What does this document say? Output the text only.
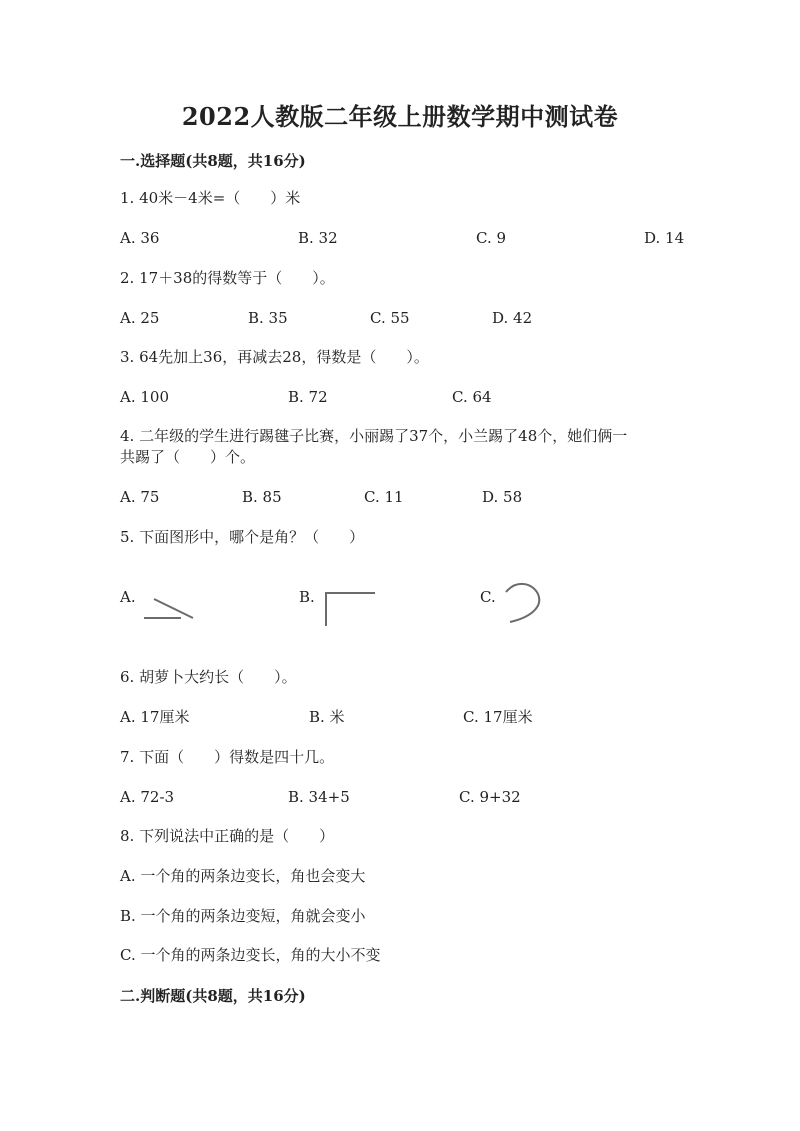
2022人教版二年级上册数学期中测试卷
一.选择题(共8题，共16分)
1. 40米－4米=（　　）米
A. 36	B. 32	C. 9	D. 14
2. 17＋38的得数等于（　　）。
A. 25	B. 35	C. 55	D. 42
3. 64先加上36，再减去28，得数是（　　）。
A. 100	B. 72	C. 64
4. 二年级的学生进行踢毽子比赛，小丽踢了37个，小兰踢了48个，她们俩一
共踢了（　　）个。
A. 75	B. 85	C. 11	D. 58
5. 下面图形中，哪个是角？（　　）
A.	B.	C.
6. 胡萝卜大约长（　　）。
A. 17厘米	B. 米	C. 17厘米
7. 下面（　　）得数是四十几。
A. 72-3	B. 34+5	C. 9+32
8. 下列说法中正确的是（　　）
A. 一个角的两条边变长，角也会变大
B. 一个角的两条边变短，角就会变小
C. 一个角的两条边变长，角的大小不变
二.判断题(共8题，共16分)
